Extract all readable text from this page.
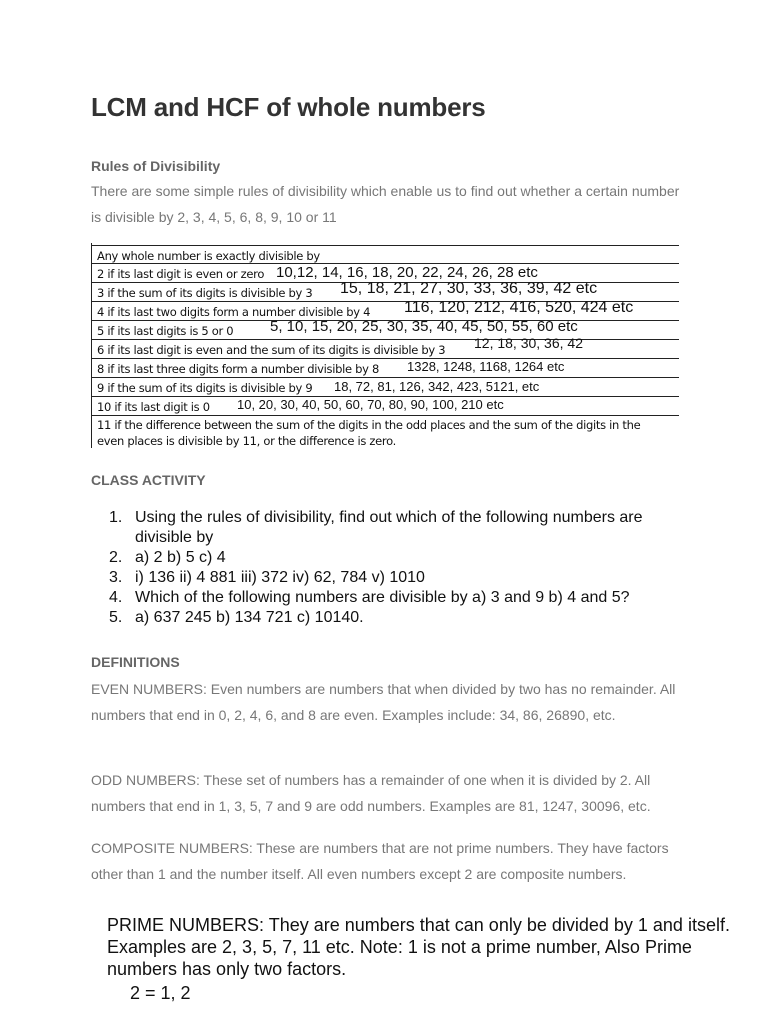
LCM and HCF of whole numbers
Rules of Divisibility
There are some simple rules of divisibility which enable us to find out whether a certain number is divisible by 2, 3, 4, 5, 6, 8, 9, 10 or 11
Any whole number is exactly divisible by
2 if its last digit is even or zero 10,12, 14, 16, 18, 20, 22, 24, 26, 28 etc
3 if the sum of its digits is divisible by 3 15, 18, 21, 27, 30, 33, 36, 39, 42 etc
4 if its last two digits form a number divisible by 4 116, 120, 212, 416, 520, 424 etc
5 if its last digits is 5 or 0 5, 10, 15, 20, 25, 30, 35, 40, 45, 50, 55, 60 etc
6 if its last digit is even and the sum of its digits is divisible by 3 12, 18, 30, 36, 42
8 if its last three digits form a number divisible by 8 1328, 1248, 1168, 1264 etc
9 if the sum of its digits is divisible by 9 18, 72, 81, 126, 342, 423, 5121, etc
10 if its last digit is 0 10, 20, 30, 40, 50, 60, 70, 80, 90, 100, 210 etc
11 if the difference between the sum of the digits in the odd places and the sum of the digits in the
even places is divisible by 11, or the difference is zero.
CLASS ACTIVITY
1. Using the rules of divisibility, find out which of the following numbers are divisible by
2. a) 2 b) 5 c) 4
3. i) 136 ii) 4 881 iii) 372 iv) 62, 784 v) 1010
4. Which of the following numbers are divisible by a) 3 and 9 b) 4 and 5?
5. a) 637 245 b) 134 721 c) 10140.
DEFINITIONS
EVEN NUMBERS: Even numbers are numbers that when divided by two has no remainder. All numbers that end in 0, 2, 4, 6, and 8 are even. Examples include: 34, 86, 26890, etc.
ODD NUMBERS: These set of numbers has a remainder of one when it is divided by 2. All numbers that end in 1, 3, 5, 7 and 9 are odd numbers. Examples are 81, 1247, 30096, etc.
COMPOSITE NUMBERS: These are numbers that are not prime numbers. They have factors other than 1 and the number itself. All even numbers except 2 are composite numbers.
PRIME NUMBERS: They are numbers that can only be divided by 1 and itself. Examples are 2, 3, 5, 7, 11 etc. Note: 1 is not a prime number, Also Prime numbers has only two factors.
2 = 1, 2
